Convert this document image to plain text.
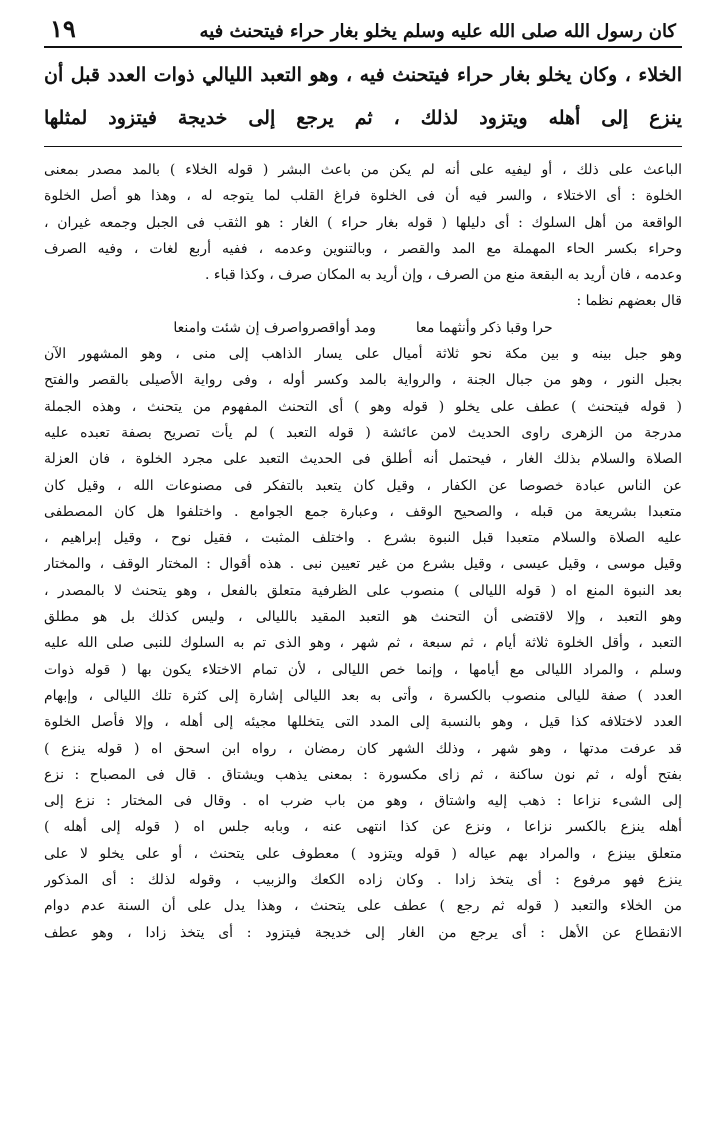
كان رسول الله صلى الله عليه وسلم يخلو بغار حراء فيتحنث فيه
١٩
الخلاء ، وكان يخلو بغار حراء فيتحنث فيه ، وهو التعبد الليالي ذوات العدد قبل أن
ينزع إلى أهله ويتزود لذلك ، ثم يرجع إلى خديجة فيتزود لمثلها
الباعث على ذلك ، أو ليفيه على أنه لم يكن من باعث البشر ( قوله الخلاء ) بالمد مصدر بمعنى
الخلوة : أى الاختلاء ، والسر فيه أن فى الخلوة فراغ القلب لما يتوجه له ، وهذا هو أصل الخلوة
الواقعة من أهل السلوك : أى دليلها ( قوله بغار حراء ) الغار : هو الثقب فى الجبل وجمعه غيران ،
وحراء بكسر الحاء المهملة مع المد والقصر ، وبالتنوين وعدمه ، ففيه أربع لغات ، وفيه الصرف
وعدمه ، فان أريد به البقعة منع من الصرف ، وإن أريد به المكان صرف ، وكذا قباء .
قال بعضهم نظما :
حرا وقبا ذكر وأنثهما معا
ومد أواقصرواصرف إن شئت وامنعا
وهو جبل بينه و بين مكة نحو ثلاثة أميال على يسار الذاهب إلى منى ، وهو المشهور الآن
بجبل النور ، وهو من جبال الجنة ، والرواية بالمد وكسر أوله ، وفى رواية الأصيلى بالقصر والفتح
( قوله فيتحنث ) عطف على يخلو ( قوله وهو ) أى التحنث المفهوم من يتحنث ، وهذه الجملة
مدرجة من الزهرى راوى الحديث لامن عائشة ( قوله التعبد ) لم يأت تصريح بصفة تعبده عليه
الصلاة والسلام بذلك الغار ، فيحتمل أنه أطلق فى الحديث التعبد على مجرد الخلوة ، فان العزلة
عن الناس عبادة خصوصا عن الكفار ، وقيل كان يتعبد بالتفكر فى مصنوعات الله ، وقيل كان
متعبدا بشريعة من قبله ، والصحيح الوقف ، وعبارة جمع الجوامع . واختلفوا هل كان المصطفى
عليه الصلاة والسلام متعبدا قبل النبوة بشرع . واختلف المثبت ، فقيل نوح ، وقيل إبراهيم ،
وقيل موسى ، وقيل عيسى ، وقيل بشرع من غير تعيين نبى . هذه أقوال : المختار الوقف ، والمختار
بعد النبوة المنع اه ( قوله الليالى ) منصوب على الظرفية متعلق بالفعل ، وهو يتحنث لا بالمصدر ،
وهو التعبد ، وإلا لاقتضى أن التحنث هو التعبد المقيد بالليالى ، وليس كذلك بل هو مطلق
التعبد ، وأقل الخلوة ثلاثة أيام ، ثم سبعة ، ثم شهر ، وهو الذى تم به السلوك للنبى صلى الله عليه
وسلم ، والمراد الليالى مع أيامها ، وإنما خص الليالى ، لأن تمام الاختلاء يكون بها ( قوله ذوات
العدد ) صفة لليالى منصوب بالكسرة ، وأتى به بعد الليالى إشارة إلى كثرة تلك الليالى ، وإبهام
العدد لاختلافه كذا قيل ، وهو بالنسبة إلى المدد التى يتخللها مجيئه إلى أهله ، وإلا فأصل الخلوة
قد عرفت مدتها ، وهو شهر ، وذلك الشهر كان رمضان ، رواه ابن اسحق اه ( قوله ينزع )
بفتح أوله ، ثم نون ساكنة ، ثم زاى مكسورة : بمعنى يذهب ويشتاق . قال فى المصباح : نزع
إلى الشىء نزاعا : ذهب إليه واشتاق ، وهو من باب ضرب اه . وقال فى المختار : نزع إلى
أهله ينزع بالكسر نزاعا ، ونزع عن كذا انتهى عنه ، وبابه جلس اه ( قوله إلى أهله )
متعلق بينزع ، والمراد بهم عياله ( قوله ويتزود ) معطوف على يتحنث ، أو على يخلو لا على
ينزع فهو مرفوع : أى يتخذ زادا . وكان زاده الكعك والزبيب ، وقوله لذلك : أى المذكور
من الخلاء والتعبد ( قوله ثم رجع ) عطف على يتحنث ، وهذا يدل على أن السنة عدم دوام
الانقطاع عن الأهل : أى يرجع من الغار إلى خديجة فيتزود : أى يتخذ زادا ، وهو عطف
